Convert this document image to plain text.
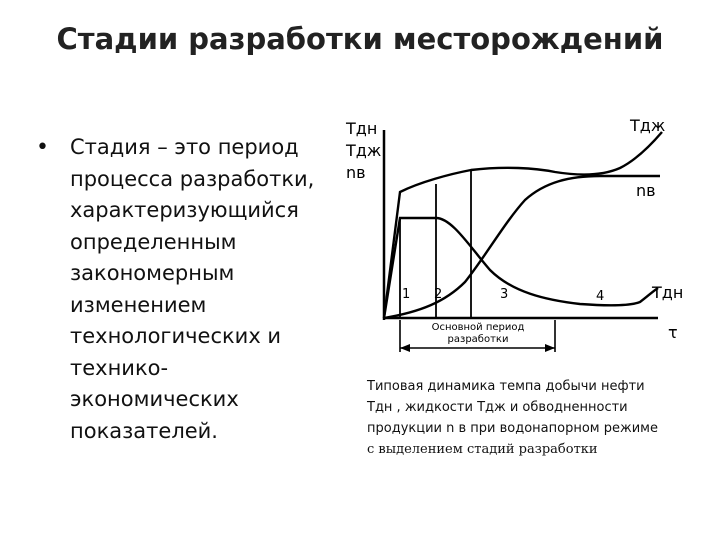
Стадии разработки месторождений
• Стадия – это период
процесса разработки,
характеризующийся
определенным
закономерным
изменением
технологических и
технико-
экономических
показателей.
Tдн
Tдж
nв
Tдж
nв
Tдн
1 2	3	4
τ
Основной период
разработки
Типовая динамика темпа добычи нефти
Tдн , жидкости Tдж и обводненности
продукции n в при водонапорном режиме
с выделением стадий разработки
